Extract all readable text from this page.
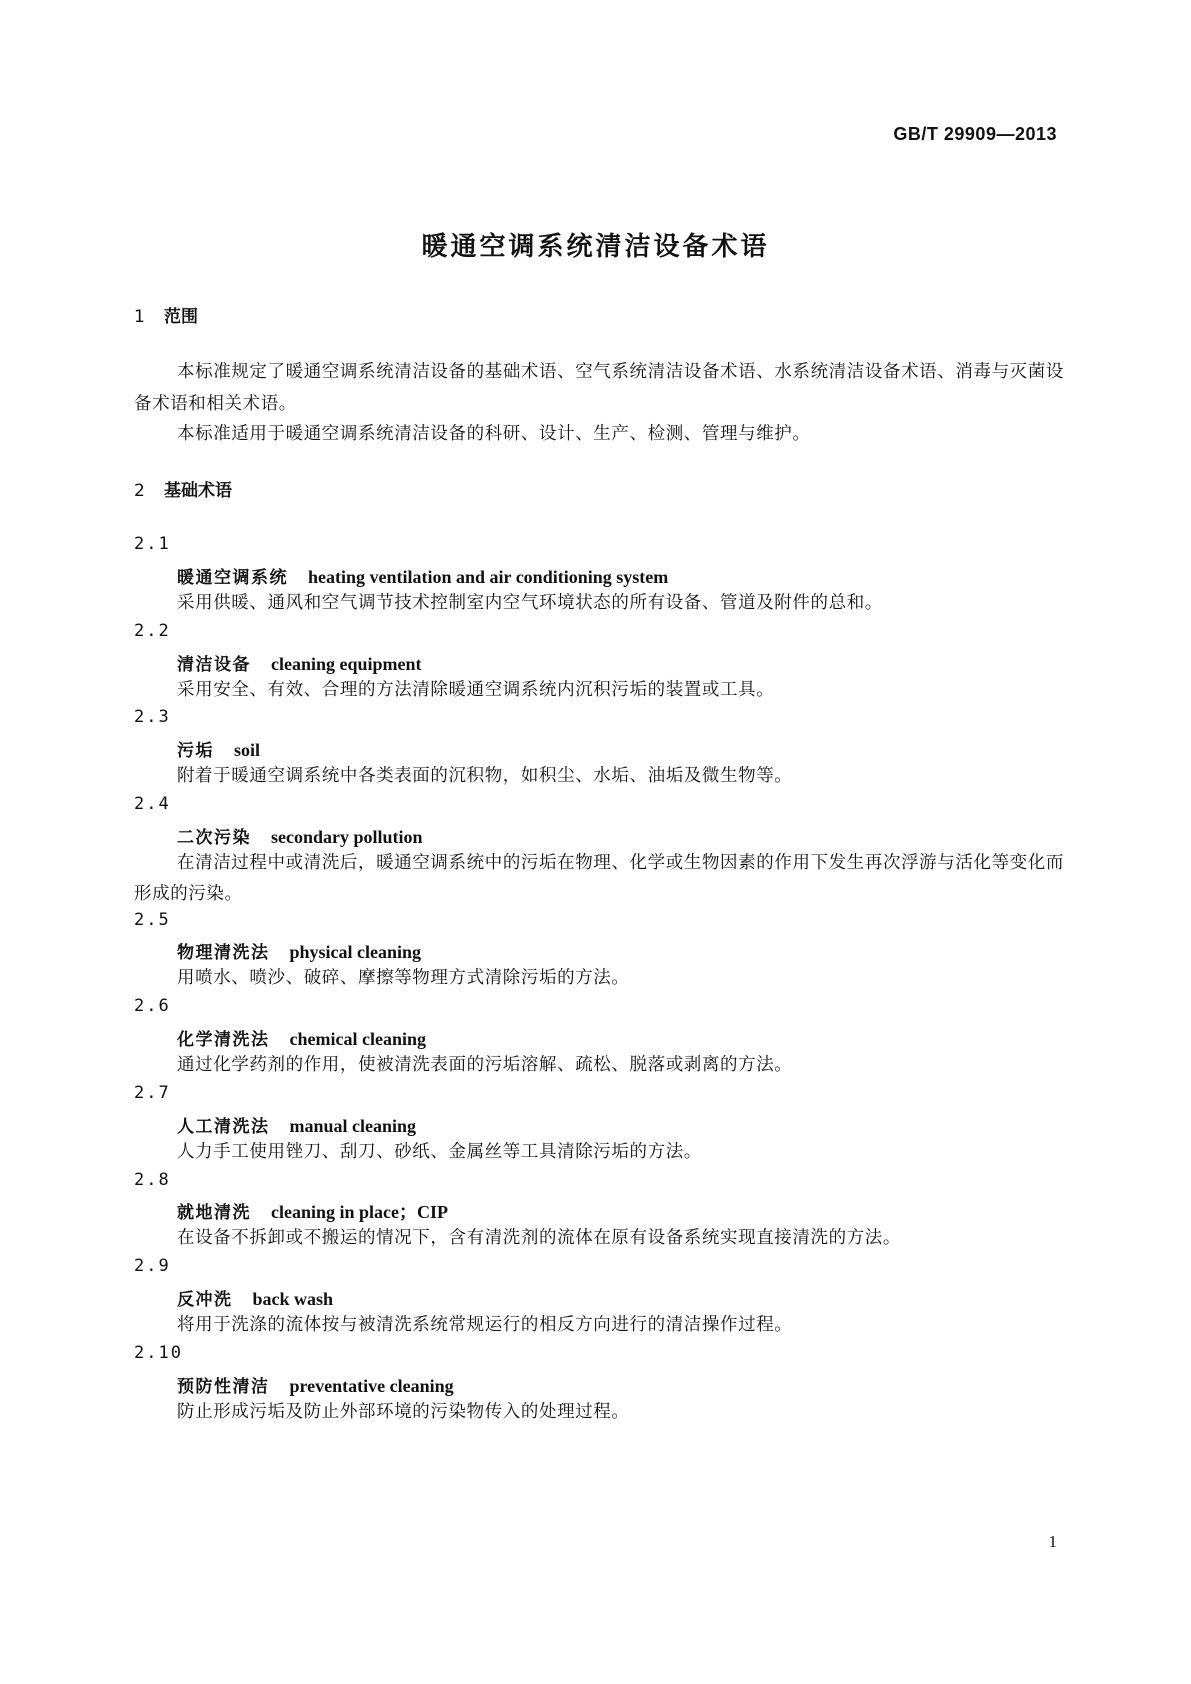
GB/T 29909—2013
暖通空调系统清洁设备术语
1 范围
本标准规定了暖通空调系统清洁设备的基础术语、空气系统清洁设备术语、水系统清洁设备术语、消毒与灭菌设备术语和相关术语。
本标准适用于暖通空调系统清洁设备的科研、设计、生产、检测、管理与维护。
2 基础术语
2.1
暖通空调系统 heating ventilation and air conditioning system
采用供暖、通风和空气调节技术控制室内空气环境状态的所有设备、管道及附件的总和。
2.2
清洁设备 cleaning equipment
采用安全、有效、合理的方法清除暖通空调系统内沉积污垢的装置或工具。
2.3
污垢 soil
附着于暖通空调系统中各类表面的沉积物，如积尘、水垢、油垢及微生物等。
2.4
二次污染 secondary pollution
在清洁过程中或清洗后，暖通空调系统中的污垢在物理、化学或生物因素的作用下发生再次浮游与活化等变化而形成的污染。
2.5
物理清洗法 physical cleaning
用喷水、喷沙、破碎、摩擦等物理方式清除污垢的方法。
2.6
化学清洗法 chemical cleaning
通过化学药剂的作用，使被清洗表面的污垢溶解、疏松、脱落或剥离的方法。
2.7
人工清洗法 manual cleaning
人力手工使用锉刀、刮刀、砂纸、金属丝等工具清除污垢的方法。
2.8
就地清洗 cleaning in place；CIP
在设备不拆卸或不搬运的情况下，含有清洗剂的流体在原有设备系统实现直接清洗的方法。
2.9
反冲洗 back wash
将用于洗涤的流体按与被清洗系统常规运行的相反方向进行的清洁操作过程。
2.10
预防性清洁 preventative cleaning
防止形成污垢及防止外部环境的污染物传入的处理过程。
1
